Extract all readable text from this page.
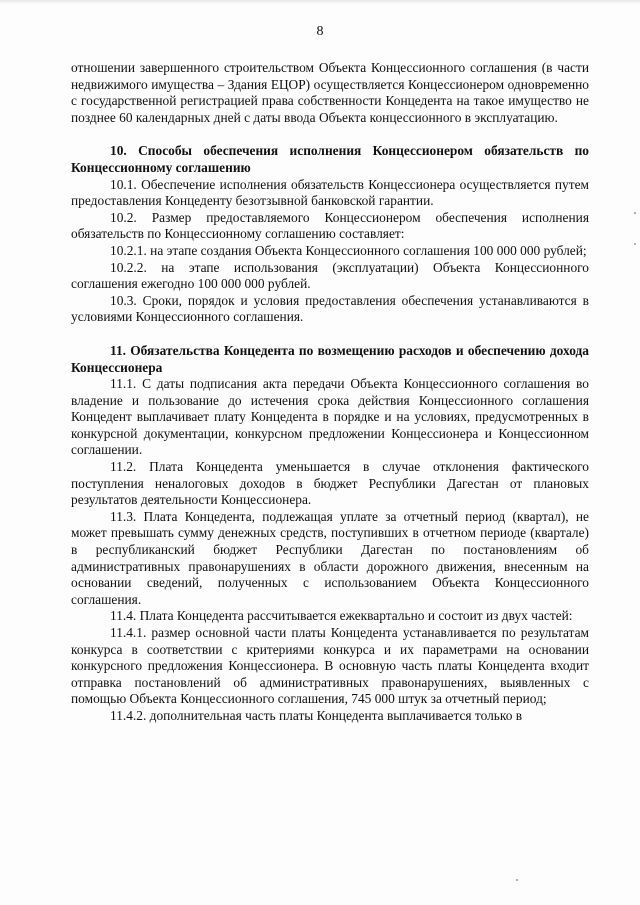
8

отношении завершенного строительством Объекта Концессионного соглашения (в части недвижимого имущества – Здания ЕЦОР) осуществляется Концессионером одновременно с государственной регистрацией права собственности Концедента на такое имущество не позднее 60 календарных дней с даты ввода Объекта концессионного в эксплуатацию.

10. Способы обеспечения исполнения Концессионером обязательств по Концессионному соглашению

10.1. Обеспечение исполнения обязательств Концессионера осуществляется путем предоставления Концеденту безотзывной банковской гарантии.

10.2. Размер предоставляемого Концессионером обеспечения исполнения обязательств по Концессионному соглашению составляет:

10.2.1. на этапе создания Объекта Концессионного соглашения 100 000 000 рублей;

10.2.2. на этапе использования (эксплуатации) Объекта Концессионного соглашения ежегодно 100 000 000 рублей.

10.3. Сроки, порядок и условия предоставления обеспечения устанавливаются в условиями Концессионного соглашения.

11. Обязательства Концедента по возмещению расходов и обеспечению дохода Концессионера

11.1. С даты подписания акта передачи Объекта Концессионного соглашения во владение и пользование до истечения срока действия Концессионного соглашения Концедент выплачивает плату Концедента в порядке и на условиях, предусмотренных в конкурсной документации, конкурсном предложении Концессионера и Концессионном соглашении.

11.2. Плата Концедента уменьшается в случае отклонения фактического поступления неналоговых доходов в бюджет Республики Дагестан от плановых результатов деятельности Концессионера.

11.3. Плата Концедента, подлежащая уплате за отчетный период (квартал), не может превышать сумму денежных средств, поступивших в отчетном периоде (квартале) в республиканский бюджет Республики Дагестан по постановлениям об административных правонарушениях в области дорожного движения, внесенным на основании сведений, полученных с использованием Объекта Концессионного соглашения.

11.4. Плата Концедента рассчитывается ежеквартально и состоит из двух частей:

11.4.1. размер основной части платы Концедента устанавливается по результатам конкурса в соответствии с критериями конкурса и их параметрами на основании конкурсного предложения Концессионера. В основную часть платы Концедента входит отправка постановлений об административных правонарушениях, выявленных с помощью Объекта Концессионного соглашения, 745 000 штук за отчетный период;

11.4.2. дополнительная часть платы Концедента выплачивается только в
